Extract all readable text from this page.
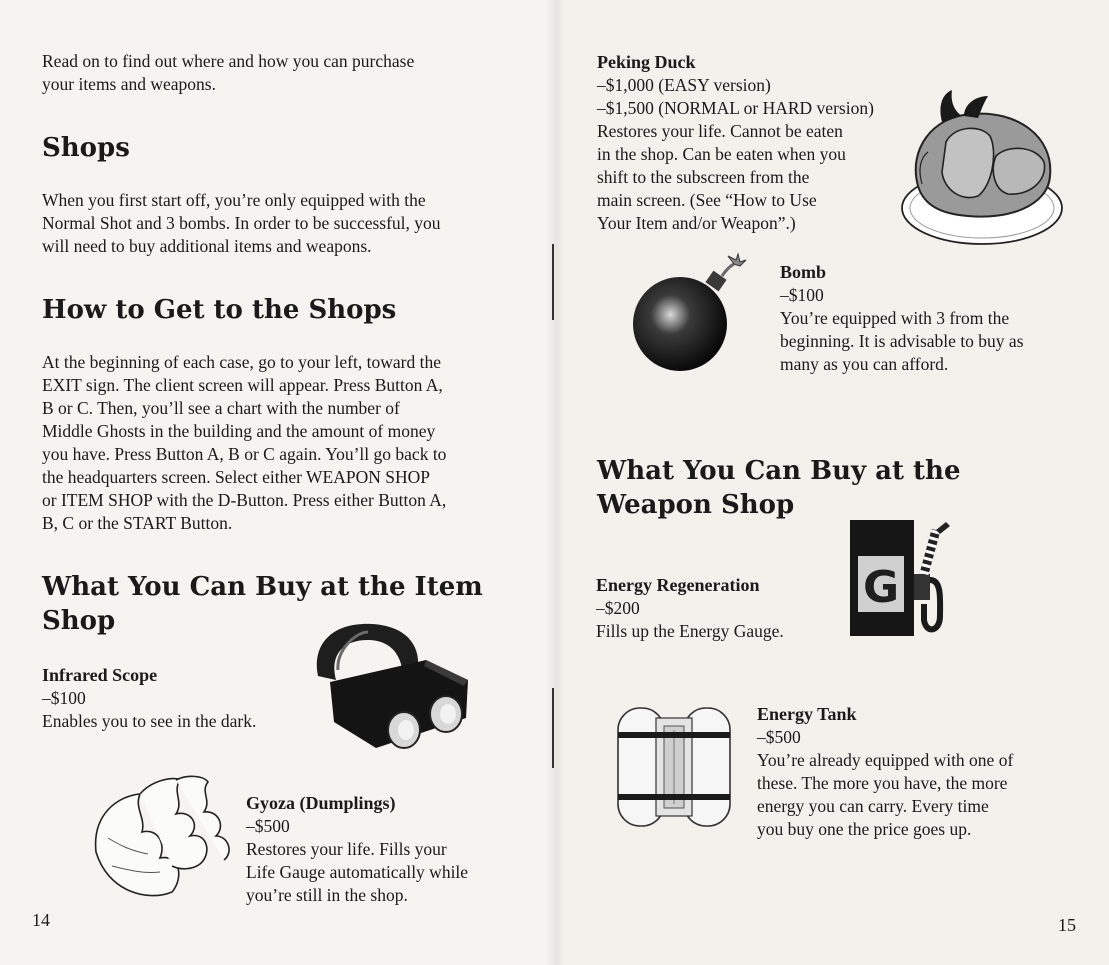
Read on to find out where and how you can purchase
your items and weapons.

Shops

When you first start off, you’re only equipped with the
Normal Shot and 3 bombs. In order to be successful, you
will need to buy additional items and weapons.

How to Get to the Shops

At the beginning of each case, go to your left, toward the
EXIT sign. The client screen will appear. Press Button A,
B or C. Then, you’ll see a chart with the number of
Middle Ghosts in the building and the amount of money
you have. Press Button A, B or C again. You’ll go back to
the headquarters screen. Select either WEAPON SHOP
or ITEM SHOP with the D-Button. Press either Button A,
B, C or the START Button.

What You Can Buy at the Item
Shop

Infrared Scope

–$100

Enables you to see in the dark.

Gyoza (Dumplings)

–$500

Restores your life. Fills your
Life Gauge automatically while
you’re still in the shop.

14

Peking Duck

–$1,000 (EASY version)
–$1,500 (NORMAL or HARD version)
Restores your life. Cannot be eaten
in the shop. Can be eaten when you
shift to the subscreen from the
main screen. (See “How to Use
Your Item and/or Weapon”.)

Bomb

–$100

You’re equipped with 3 from the
beginning. It is advisable to buy as
many as you can afford.

What You Can Buy at the
Weapon Shop

Energy Regeneration

–$200

Fills up the Energy Gauge.

G

Energy Tank

–$500

You’re already equipped with one of
these. The more you have, the more
energy you can carry. Every time
you buy one the price goes up.

15
